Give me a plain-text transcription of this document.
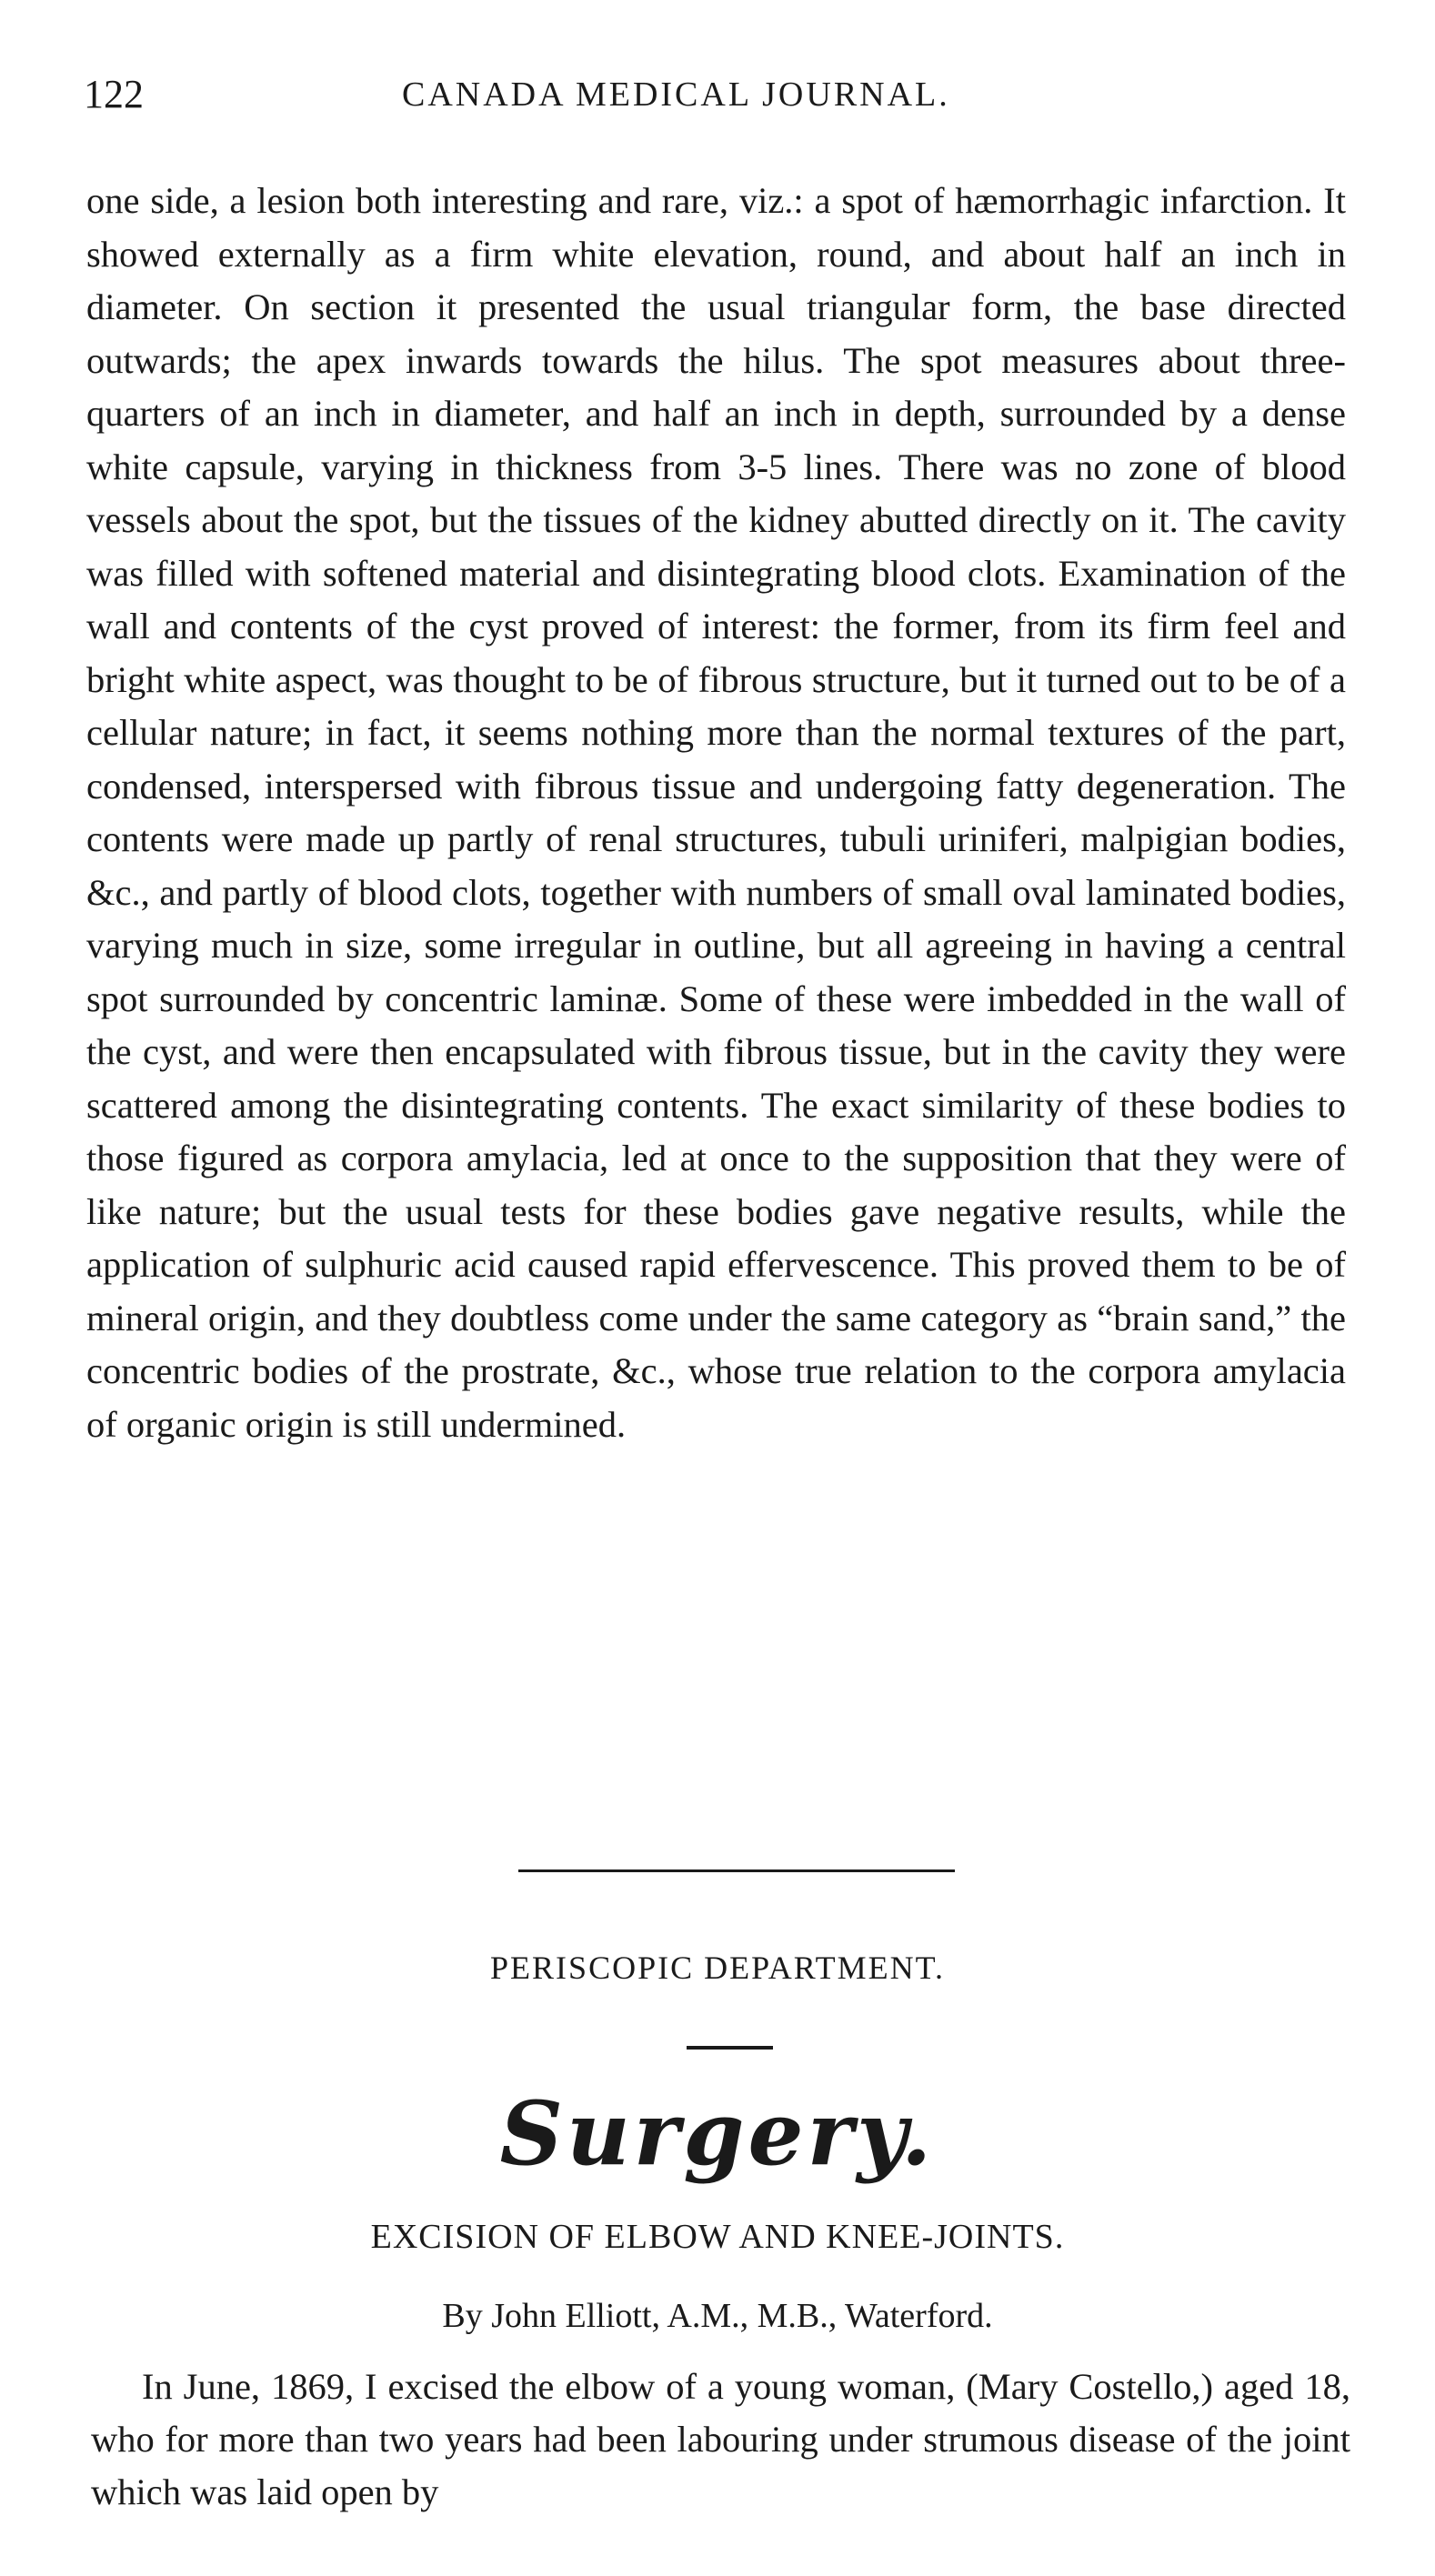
122	CANADA MEDICAL JOURNAL.

one side, a lesion both interesting and rare, viz.: a spot of hæmorrhagic infarction. It showed externally as a firm white elevation, round, and about half an inch in diameter. On section it presented the usual triangular form, the base directed outwards; the apex inwards towards the hilus. The spot measures about three-quarters of an inch in diameter, and half an inch in depth, surrounded by a dense white capsule, varying in thickness from 3-5 lines. There was no zone of blood vessels about the spot, but the tissues of the kidney abutted directly on it. The cavity was filled with softened material and disintegrating blood clots. Examination of the wall and contents of the cyst proved of interest: the former, from its firm feel and bright white aspect, was thought to be of fibrous structure, but it turned out to be of a cellular nature; in fact, it seems nothing more than the normal textures of the part, condensed, interspersed with fibrous tissue and undergoing fatty degeneration. The contents were made up partly of renal structures, tubuli uriniferi, malpigian bodies, &c., and partly of blood clots, together with numbers of small oval laminated bodies, varying much in size, some irregular in outline, but all agreeing in having a central spot surrounded by concentric laminæ. Some of these were imbedded in the wall of the cyst, and were then encapsulated with fibrous tissue, but in the cavity they were scattered among the disintegrating contents. The exact similarity of these bodies to those figured as corpora amylacia, led at once to the supposition that they were of like nature; but the usual tests for these bodies gave negative results, while the application of sulphuric acid caused rapid effervescence. This proved them to be of mineral origin, and they doubtless come under the same category as “brain sand,” the concentric bodies of the prostrate, &c., whose true relation to the corpora amylacia of organic origin is still undermined.

PERISCOPIC DEPARTMENT.
Surgery.
EXCISION OF ELBOW AND KNEE-JOINTS.
By John Elliott, A.M., M.B., Waterford.

In June, 1869, I excised the elbow of a young woman, (Mary Costello,) aged 18, who for more than two years had been labouring under strumous disease of the joint which was laid open by
